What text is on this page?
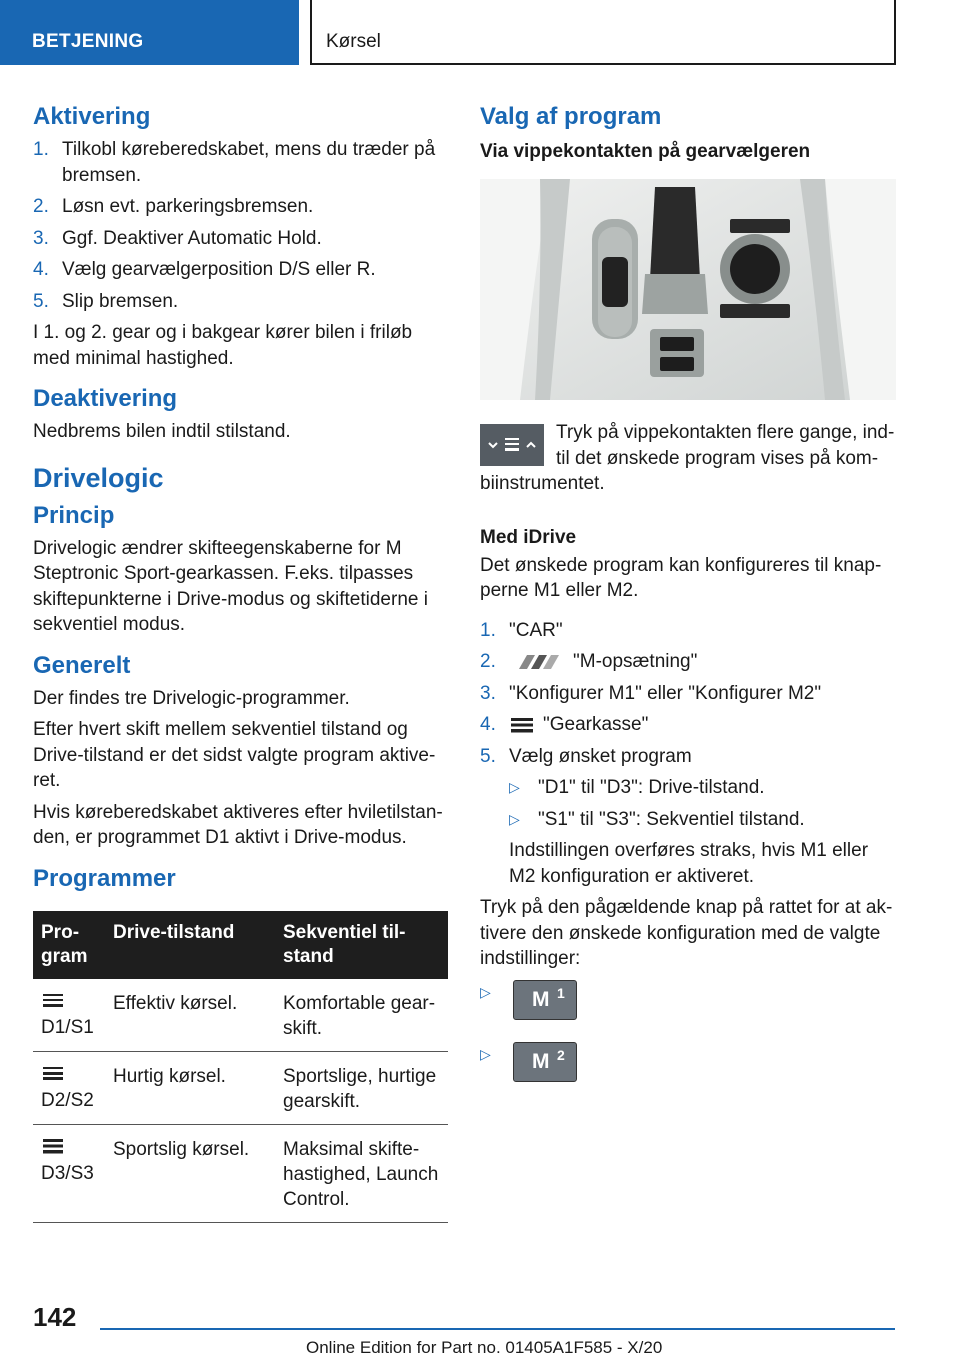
BETJENING	Kørsel
Aktivering
1. Tilkobl køreberedskabet, mens du træder på bremsen.
2. Løsn evt. parkeringsbremsen.
3. Ggf. Deaktiver Automatic Hold.
4. Vælg gearvælgerposition D/S eller R.
5. Slip bremsen.

I 1. og 2. gear og i bakgear kører bilen i friløb med minimal hastighed.

Deaktivering

Nedbrems bilen indtil stilstand.

Drivelogic
Princip

Drivelogic ændrer skifteegenskaberne for M Steptronic Sport-gearkassen. F.eks. tilpasses skiftepunkterne i Drive-modus og skiftetiderne i sekventiel modus.

Generelt

Der findes tre Drivelogic-programmer.

Efter hvert skift mellem sekventiel tilstand og Drive-tilstand er det sidst valgte program aktiveret.

Hvis køreberedskabet aktiveres efter hviletilstanden, er programmet D1 aktivt i Drive-modus.

Programmer
Program	Drive-tilstand	Sekventiel tilstand

D1/S1	Effektiv kørsel.	Komfortable gearskift.

D2/S2	Hurtig kørsel.	Sportslige, hurtige gearskift.

D3/S3	Sportslig kørsel.	Maksimal skiftehastighed, Launch Control.
Valg af program
Via vippekontakten på gearvælgeren

Tryk på vippekontakten flere gange, indtil det ønskede program vises på kombiinstrumentet.

Med iDrive

Det ønskede program kan konfigureres til knapperne M1 eller M2.

1. "CAR"
2.	"M-opsætning"
3. "Konfigurer M1" eller "Konfigurer M2"
4. "Gearkasse"
5. Vælg ønsket program
▷ "D1" til "D3": Drive-tilstand.
▷ "S1" til "S3": Sekventiel tilstand.

Indstillingen overføres straks, hvis M1 eller M2 konfiguration er aktiveret.

Tryk på den pågældende knap på rattet for at aktivere den ønskede konfiguration med de valgte indstillinger:

▷ M 1
▷ M 2
142
Online Edition for Part no. 01405A1F585 - X/20
